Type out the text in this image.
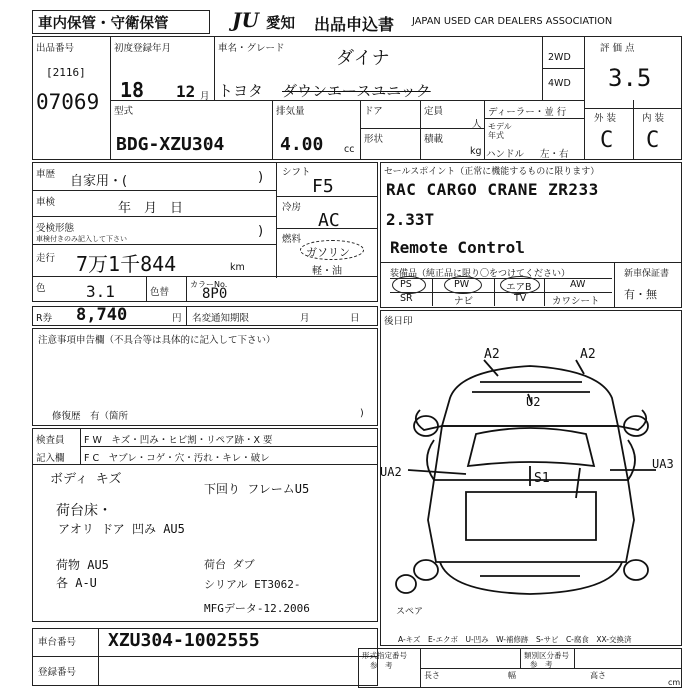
車内保管・守衛保管	JU 愛知 出品申込書 JAPAN USED CAR DEALERS ASSOCIATION
出品番号
[2116]
07069
初度登録年月
18 12 月
車名・グレード	ダイナ
トヨタ ダウンエースユニック
2WD
4WD
評 価 点
3.5
外 装	内 装
C C
型式
BDG-XZU304
排気量
4.00 cc
ドア	定員
人
形状	積載
kg
ディーラー・並 行
モデル
年式
ハンドル 左・右
車歴 自家用・(	)
車検	年　月　日
受検形態
車検付きのみ記入して下さい	)
走行 7万1千844	km
色	3.1	色替
カラーNo.
8P0
シフト
F5
冷房
AC
燃料
ガソリン
軽・油
セールスポイント（正常に機能するものに限ります）
RAC CARGO CRANE ZR233
2.33T
Remote Control
装備品（純正品に限り〇をつけてください）
PS	PW	エアB	AW
SR	ナビ	TV	カワシート
新車保証書
有・無
R券 8,740	円 名変通知期限	月	日
注意事項申告欄（不具合等は具体的に記入して下さい）
修復歴　有（箇所	)
検査員
記入欄
F W　キズ・凹み・ヒビ割・リペア跡・X 要
F C　ヤブレ・コゲ・穴・汚れ・キレ・破レ
ボディ キズ
荷台床・
アオリ ドア 凹み AU5
荷物 AU5
各 A-U
下回り フレームU5
荷台 ダブ
シリアル ET3062-
MFGデータ-12.2006
後日印
A2	A2
U2
UA2
UA3
S1
スペア
A-キズ　E-エクボ　U-凹み　W-補修跡　S-サビ　C-腐食　XX-交換済
車台番号 XZU304-1002555
登録番号
形式指定番号
参　考
類別区分番号
参　考
長さ	幅	高さ
cm
